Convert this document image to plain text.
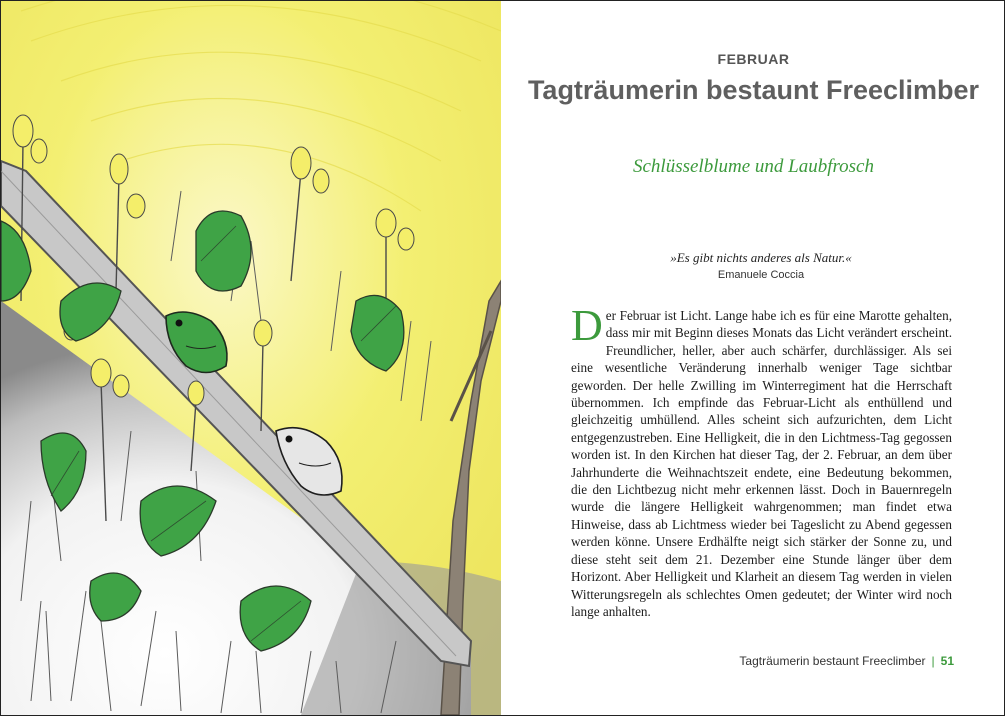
FEBRUAR
Tagträumerin bestaunt Freeclimber
Schlüsselblume und Laubfrosch
»Es gibt nichts anderes als Natur.«
Emanuele Coccia

Der Februar ist Licht. Lange habe ich es für eine Marotte gehalten, dass mir mit Beginn dieses Monats das Licht verändert erscheint. Freundlicher, heller, aber auch schärfer, durchlässiger. Als sei eine wesentliche Veränderung innerhalb weniger Tage sichtbar geworden. Der helle Zwilling im Winterregiment hat die Herrschaft übernommen. Ich empfinde das Februar-Licht als enthüllend und gleichzeitig umhüllend. Alles scheint sich aufzurichten, dem Licht entgegenzustreben. Eine Helligkeit, die in den Lichtmess-Tag gegossen worden ist. In den Kirchen hat dieser Tag, der 2. Februar, an dem über Jahrhunderte die Weihnachtszeit endete, eine Bedeutung bekommen, die den Lichtbezug nicht mehr erkennen lässt. Doch in Bauernregeln wurde die längere Helligkeit wahrgenommen; man findet etwa Hinweise, dass ab Lichtmess wieder bei Tageslicht zu Abend gegessen werden könne. Unsere Erdhälfte neigt sich stärker der Sonne zu, und diese steht seit dem 21. Dezember eine Stunde länger über dem Horizont. Aber Helligkeit und Klarheit an diesem Tag werden in vielen Witterungsregeln als schlechtes Omen gedeutet; der Winter wird noch lange anhalten.

Tagträumerin bestaunt Freeclimber | 51
